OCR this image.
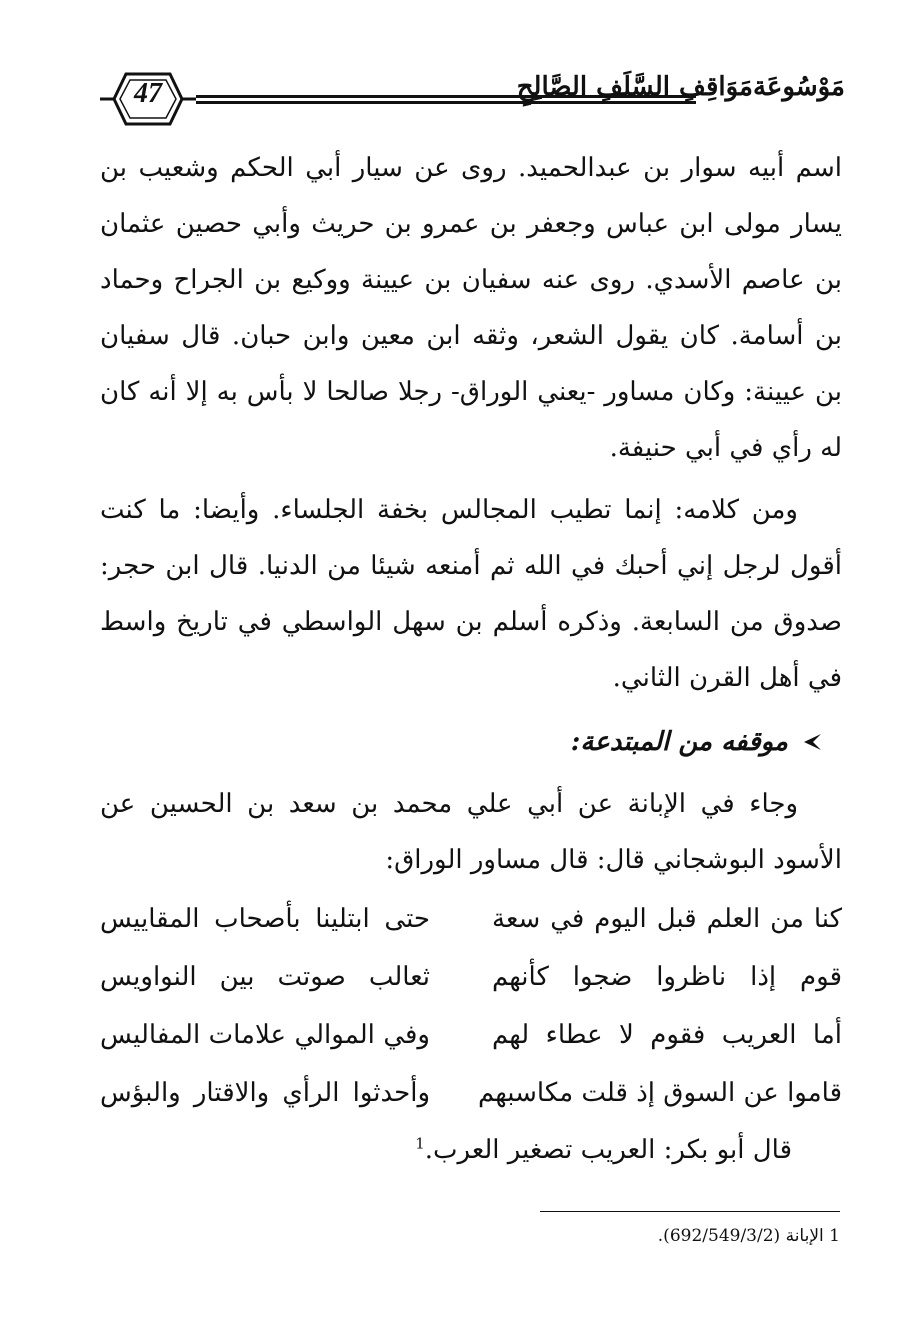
47	مَوْسُوعَةمَوَاقِفِ السَّلَفِ الصَّالِحِ

اسم أبيه سوار بن عبدالحميد. روى عن سيار أبي الحكم وشعيب بن يسار مولى ابن عباس وجعفر بن عمرو بن حريث وأبي حصين عثمان بن عاصم الأسدي. روى عنه سفيان بن عيينة ووكيع بن الجراح وحماد بن أسامة. كان يقول الشعر، وثقه ابن معين وابن حبان. قال سفيان بن عيينة: وكان مساور -يعني الوراق- رجلا صالحا لا بأس به إلا أنه كان له رأي في أبي حنيفة.

ومن كلامه: إنما تطيب المجالس بخفة الجلساء. وأيضا: ما كنت أقول لرجل إني أحبك في الله ثم أمنعه شيئا من الدنيا. قال ابن حجر: صدوق من السابعة. وذكره أسلم بن سهل الواسطي في تاريخ واسط في أهل القرن الثاني.

موقفه من المبتدعة:

وجاء في الإبانة عن أبي علي محمد بن سعد بن الحسين عن الأسود البوشجاني قال: قال مساور الوراق:

كنا من العلم قبل اليوم في سعة
حتى ابتلينا بأصحاب المقاييس
قوم إذا ناظروا ضجوا كأنهم
ثعالب صوتت بين النواويس
أما العريب فقوم لا عطاء لهم
وفي الموالي علامات المفاليس
قاموا عن السوق إذ قلت مكاسبهم
وأحدثوا الرأي والاقتار والبؤس

قال أبو بكر: العريب تصغير العرب.$^1$

1 الإبانة (692/549/3/2).
